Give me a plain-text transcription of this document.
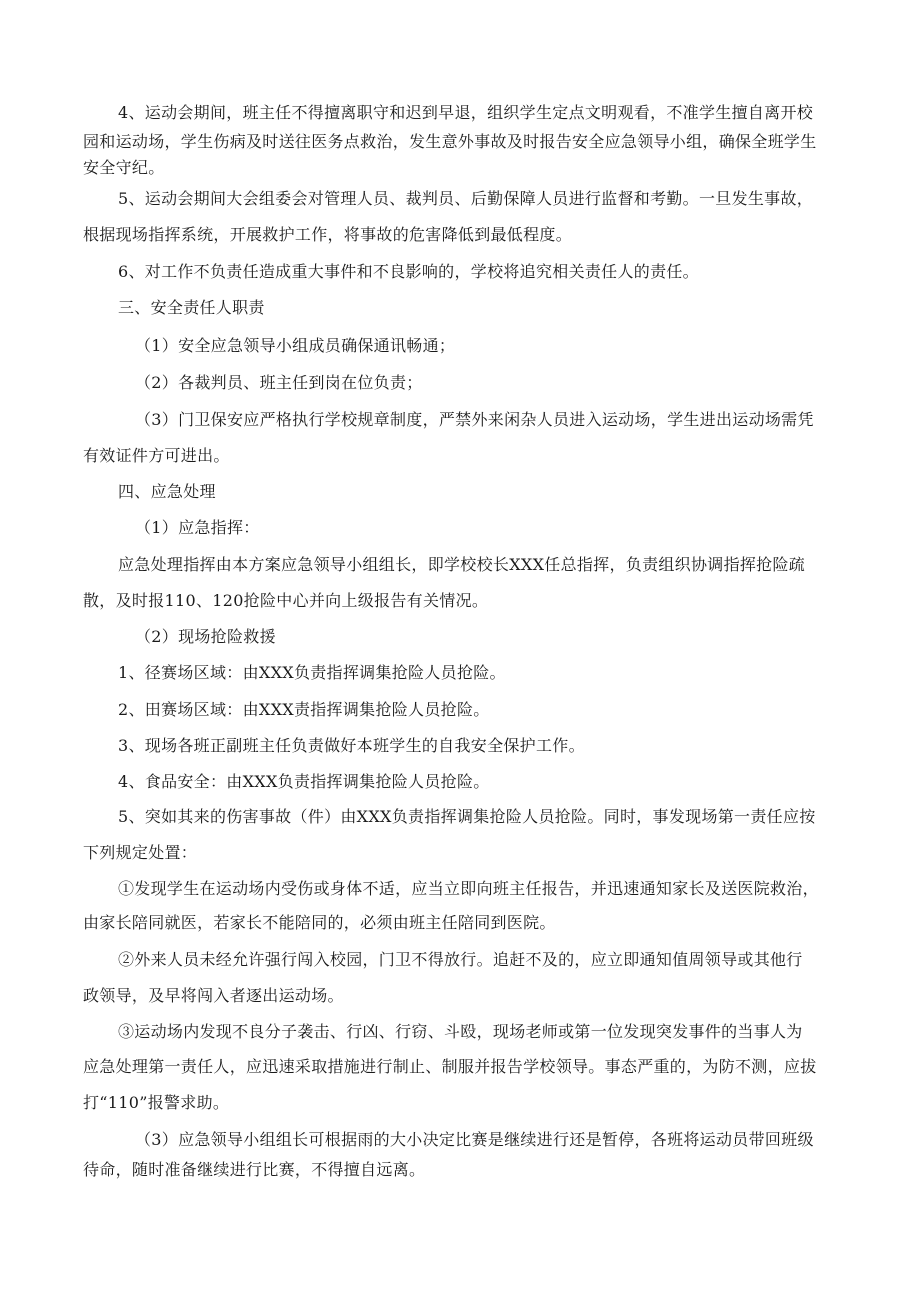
4、运动会期间，班主任不得擅离职守和迟到早退，组织学生定点文明观看，不准学生擅自离开校
园和运动场，学生伤病及时送往医务点救治，发生意外事故及时报告安全应急领导小组，确保全班学生
安全守纪。
5、运动会期间大会组委会对管理人员、裁判员、后勤保障人员进行监督和考勤。一旦发生事故，
根据现场指挥系统，开展救护工作，将事故的危害降低到最低程度。
6、对工作不负责任造成重大事件和不良影响的，学校将追究相关责任人的责任。
三、安全责任人职责
（1）安全应急领导小组成员确保通讯畅通；
（2）各裁判员、班主任到岗在位负责；
（3）门卫保安应严格执行学校规章制度，严禁外来闲杂人员进入运动场，学生进出运动场需凭
有效证件方可进出。
四、应急处理
（1）应急指挥：
应急处理指挥由本方案应急领导小组组长，即学校校长XXX任总指挥，负责组织协调指挥抢险疏
散，及时报110、120抢险中心并向上级报告有关情况。
（2）现场抢险救援
1、径赛场区域：由XXX负责指挥调集抢险人员抢险。
2、田赛场区域：由XXX责指挥调集抢险人员抢险。
3、现场各班正副班主任负责做好本班学生的自我安全保护工作。
4、食品安全：由XXX负责指挥调集抢险人员抢险。
5、突如其来的伤害事故（件）由XXX负责指挥调集抢险人员抢险。同时，事发现场第一责任应按
下列规定处置：
①发现学生在运动场内受伤或身体不适，应当立即向班主任报告，并迅速通知家长及送医院救治，
由家长陪同就医，若家长不能陪同的，必须由班主任陪同到医院。
②外来人员未经允许强行闯入校园，门卫不得放行。追赶不及的，应立即通知值周领导或其他行
政领导，及早将闯入者逐出运动场。
③运动场内发现不良分子袭击、行凶、行窃、斗殴，现场老师或第一位发现突发事件的当事人为
应急处理第一责任人，应迅速采取措施进行制止、制服并报告学校领导。事态严重的，为防不测，应拔
打“110”报警求助。
（3）应急领导小组组长可根据雨的大小决定比赛是继续进行还是暂停，各班将运动员带回班级
待命，随时准备继续进行比赛，不得擅自远离。
